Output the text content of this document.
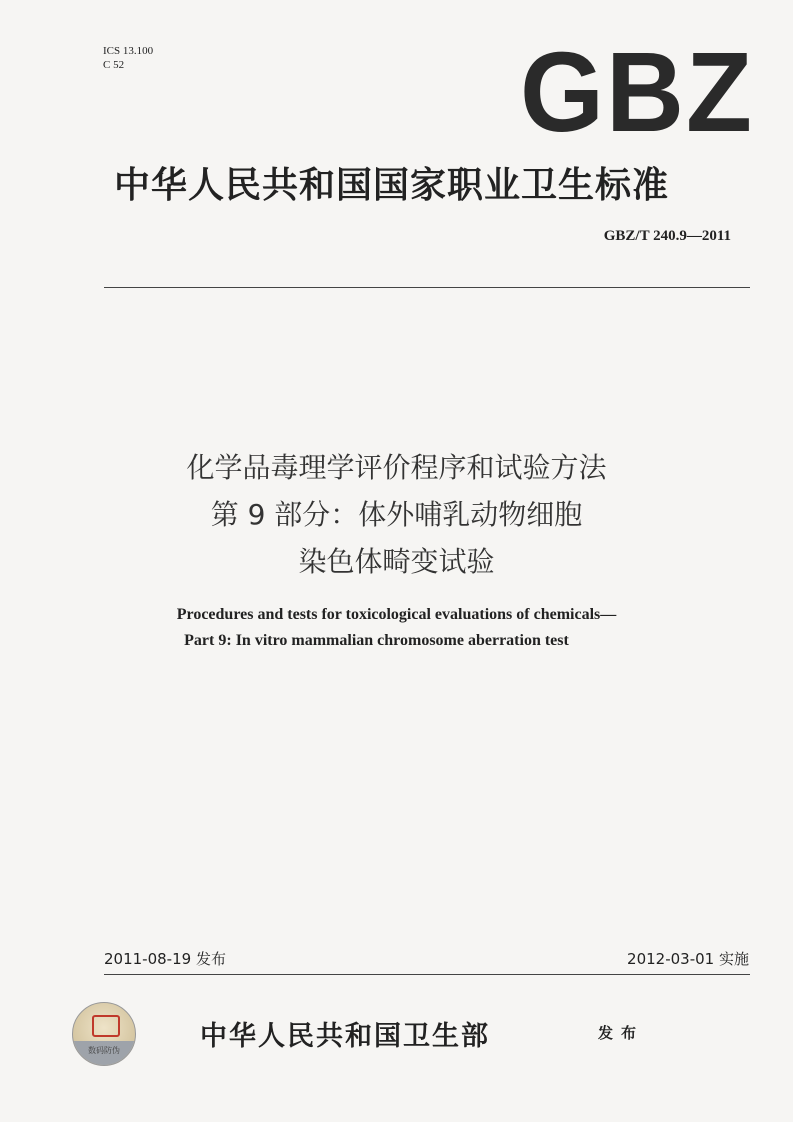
ICS 13.100
C 52	GBZ
中华人民共和国国家职业卫生标准
GBZ/T 240.9—2011
化学品毒理学评价程序和试验方法
第 9 部分：体外哺乳动物细胞
染色体畸变试验
Procedures and tests for toxicological evaluations of chemicals—
Part 9: In vitro mammalian chromosome aberration test
2011-08-19 发布	2012-03-01 实施
数码防伪	中华人民共和国卫生部	发布
